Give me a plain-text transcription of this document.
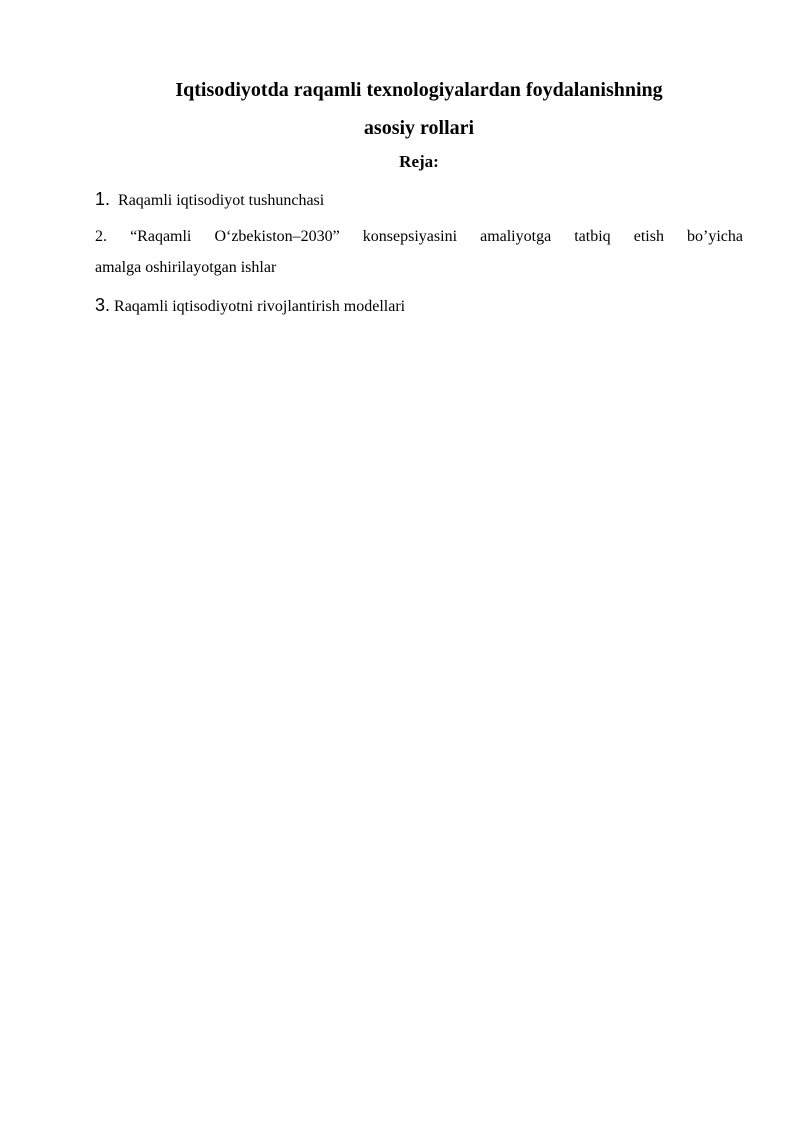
Iqtisodiyotda raqamli texnologiyalardan foydalanishning
asosiy rollari

Reja:

1. Raqamli iqtisodiyot tushunchasi

2. “Raqamli O‘zbekiston–2030” konsepsiyasini amaliyotga tatbiq etish bo’yicha
amalga oshirilayotgan ishlar

3. Raqamli iqtisodiyotni rivojlantirish modellari
